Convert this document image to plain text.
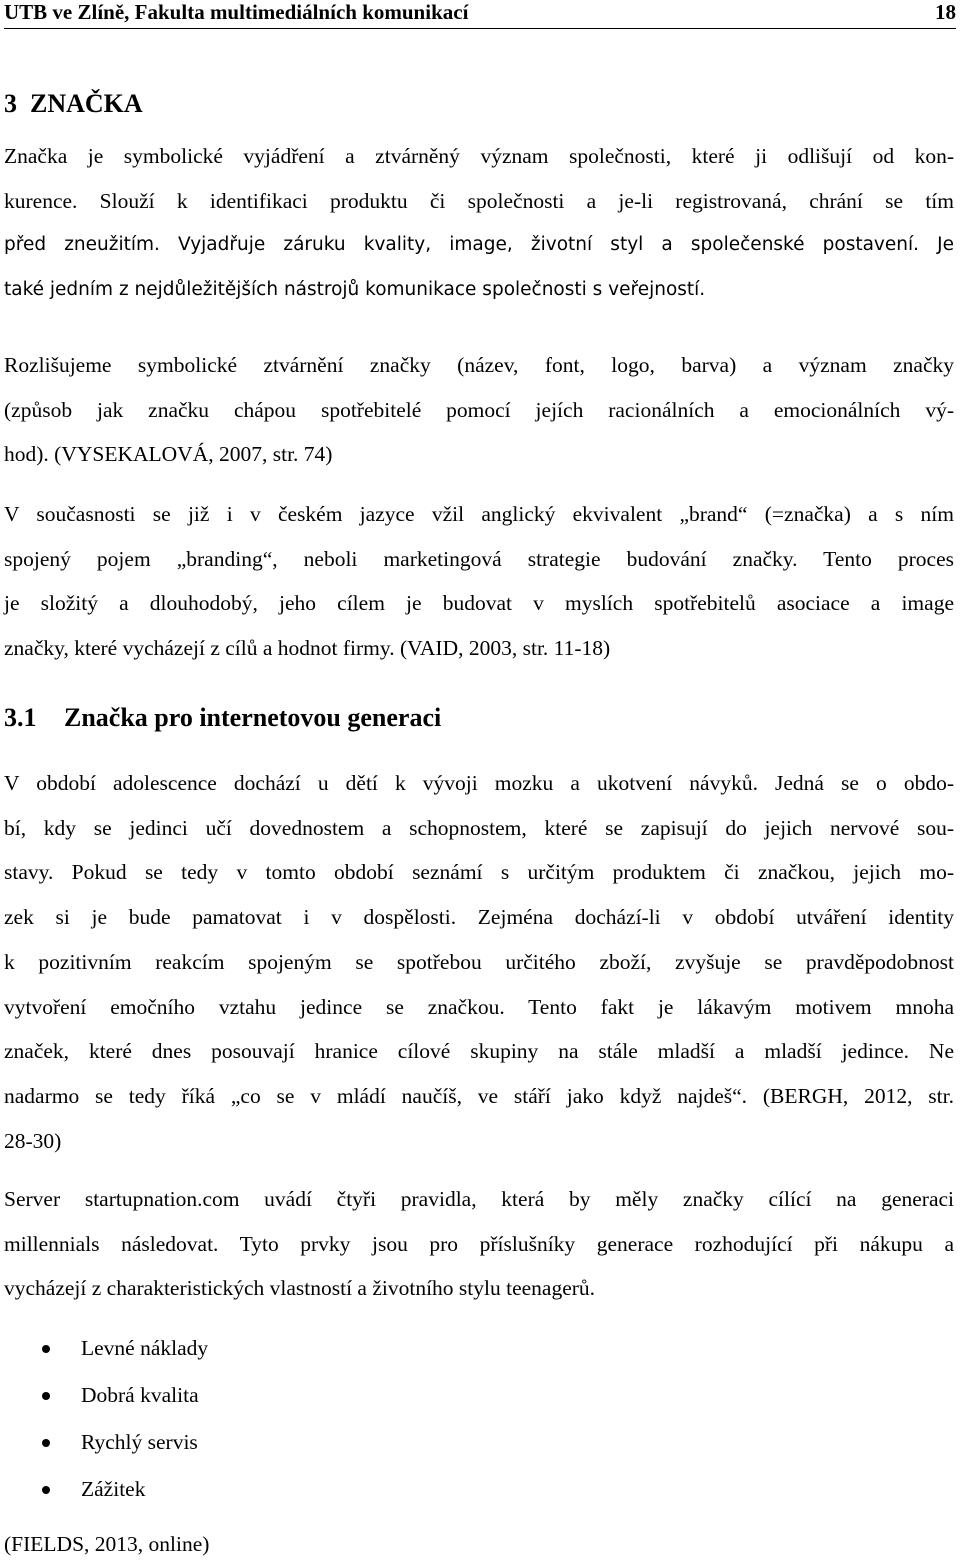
UTB ve Zlíně, Fakulta multimediálních komunikací	18
3  ZNAČKA

Značka je symbolické vyjádření a ztvárněný význam společnosti, které ji odlišují od kon-
kurence. Slouží k identifikaci produktu či společnosti a je-li registrovaná, chrání se tím
před zneužitím. Vyjadřuje záruku kvality, image, životní styl a společenské postavení. Je
také jedním z nejdůležitějších nástrojů komunikace společnosti s veřejností.

Rozlišujeme symbolické ztvárnění značky (název, font, logo, barva) a význam značky
(způsob jak značku chápou spotřebitelé pomocí jejích racionálních a emocionálních vý-
hod). (VYSEKALOVÁ, 2007, str. 74)

V současnosti se již i v českém jazyce vžil anglický ekvivalent „brand“ (=značka) a s ním
spojený pojem „branding“, neboli marketingová strategie budování značky. Tento proces
je složitý a dlouhodobý, jeho cílem je budovat v myslích spotřebitelů asociace a image
značky, které vycházejí z cílů a hodnot firmy. (VAID, 2003, str. 11-18)

3.1 Značka pro internetovou generaci

V období adolescence dochází u dětí k vývoji mozku a ukotvení návyků. Jedná se o obdo-
bí, kdy se jedinci učí dovednostem a schopnostem, které se zapisují do jejich nervové sou-
stavy. Pokud se tedy v tomto období seznámí s určitým produktem či značkou, jejich mo-
zek si je bude pamatovat i v dospělosti. Zejména dochází-li v období utváření identity
k pozitivním reakcím spojeným se spotřebou určitého zboží, zvyšuje se pravděpodobnost
vytvoření emočního vztahu jedince se značkou. Tento fakt je lákavým motivem mnoha
značek, které dnes posouvají hranice cílové skupiny na stále mladší a mladší jedince. Ne
nadarmo se tedy říká „co se v mládí naučíš, ve stáří jako když najdeš“. (BERGH, 2012, str.
28-30)

Server startupnation.com uvádí čtyři pravidla, která by měly značky cílící na generaci
millennials následovat. Tyto prvky jsou pro příslušníky generace rozhodující při nákupu a
vycházejí z charakteristických vlastností a životního stylu teenagerů.

Levné náklady
Dobrá kvalita
Rychlý servis
Zážitek

(FIELDS, 2013, online)
